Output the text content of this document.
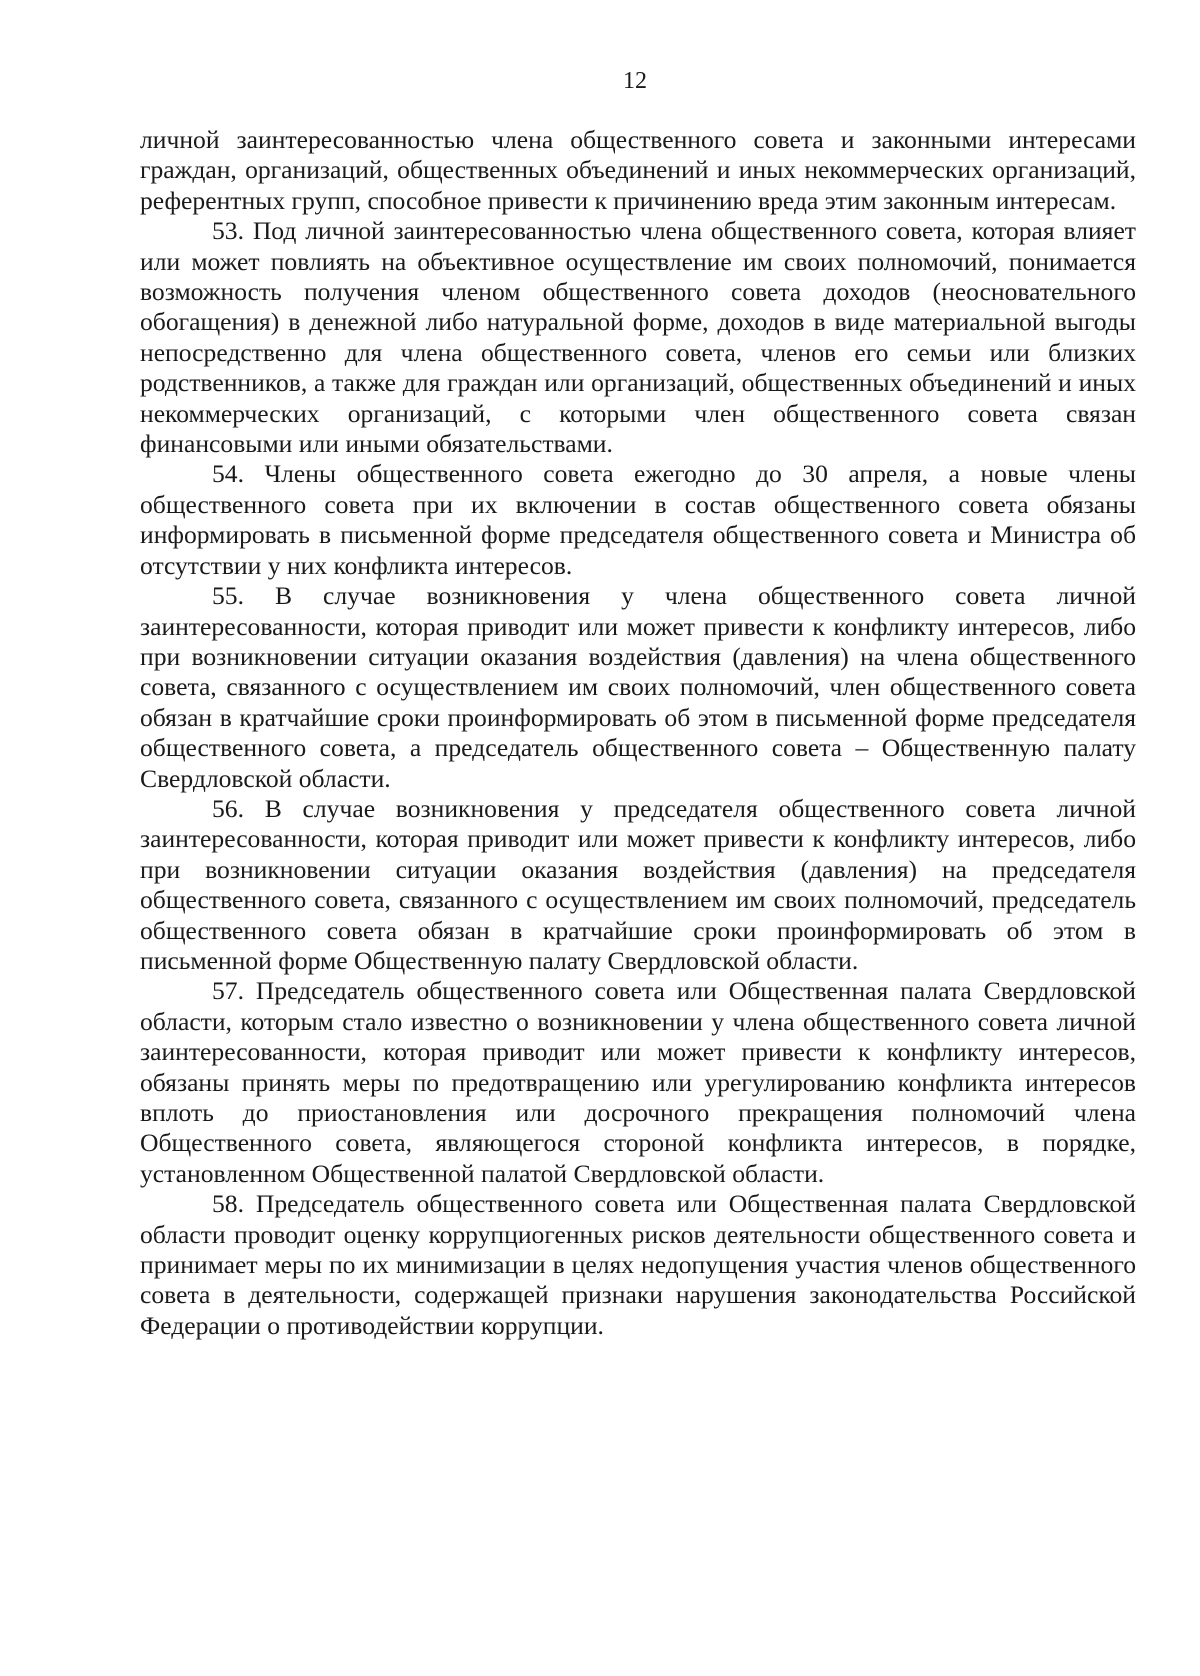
12

личной заинтересованностью члена общественного совета и законными интересами граждан, организаций, общественных объединений и иных некоммерческих организаций, референтных групп, способное привести к причинению вреда этим законным интересам.

53. Под личной заинтересованностью члена общественного совета, которая влияет или может повлиять на объективное осуществление им своих полномочий, понимается возможность получения членом общественного совета доходов (неосновательного обогащения) в денежной либо натуральной форме, доходов в виде материальной выгоды непосредственно для члена общественного совета, членов его семьи или близких родственников, а также для граждан или организаций, общественных объединений и иных некоммерческих организаций, с которыми член общественного совета связан финансовыми или иными обязательствами.

54. Члены общественного совета ежегодно до 30 апреля, а новые члены общественного совета при их включении в состав общественного совета обязаны информировать в письменной форме председателя общественного совета и Министра об отсутствии у них конфликта интересов.

55. В случае возникновения у члена общественного совета личной заинтересованности, которая приводит или может привести к конфликту интересов, либо при возникновении ситуации оказания воздействия (давления) на члена общественного совета, связанного с осуществлением им своих полномочий, член общественного совета обязан в кратчайшие сроки проинформировать об этом в письменной форме председателя общественного совета, а председатель общественного совета – Общественную палату Свердловской области.

56. В случае возникновения у председателя общественного совета личной заинтересованности, которая приводит или может привести к конфликту интересов, либо при возникновении ситуации оказания воздействия (давления) на председателя общественного совета, связанного с осуществлением им своих полномочий, председатель общественного совета обязан в кратчайшие сроки проинформировать об этом в письменной форме Общественную палату Свердловской области.

57. Председатель общественного совета или Общественная палата Свердловской области, которым стало известно о возникновении у члена общественного совета личной заинтересованности, которая приводит или может привести к конфликту интересов, обязаны принять меры по предотвращению или урегулированию конфликта интересов вплоть до приостановления или досрочного прекращения полномочий члена Общественного совета, являющегося стороной конфликта интересов, в порядке, установленном Общественной палатой Свердловской области.

58. Председатель общественного совета или Общественная палата Свердловской области проводит оценку коррупциогенных рисков деятельности общественного совета и принимает меры по их минимизации в целях недопущения участия членов общественного совета в деятельности, содержащей признаки нарушения законодательства Российской Федерации о противодействии коррупции.
